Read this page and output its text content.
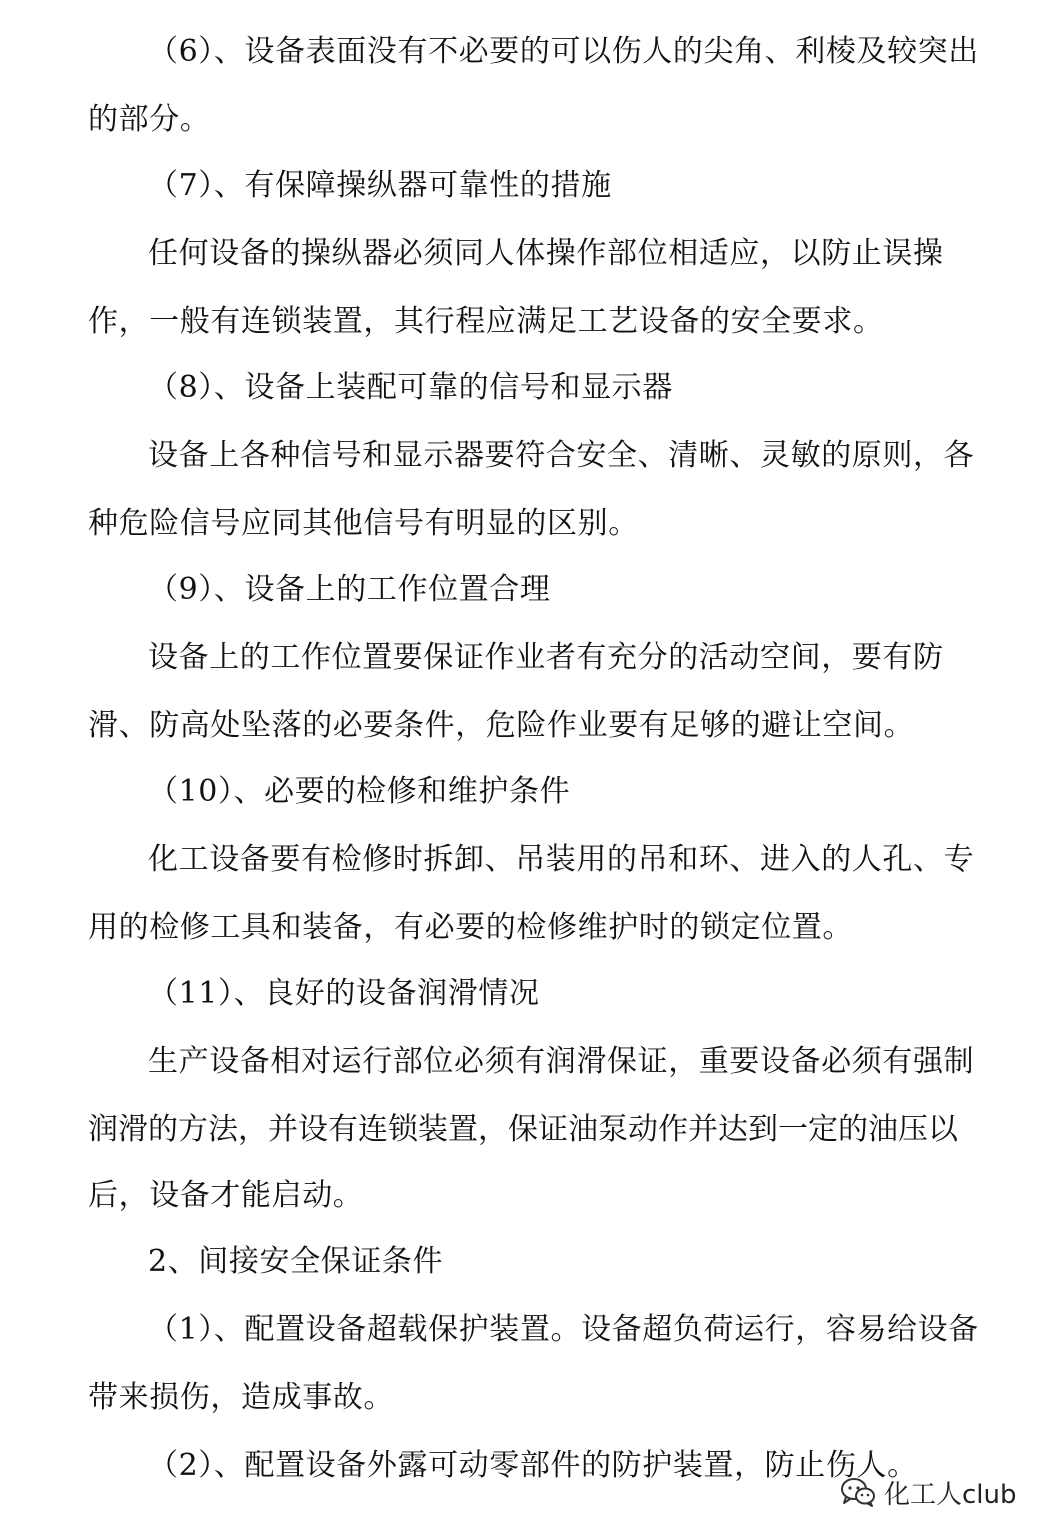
（6）、设备表面没有不必要的可以伤人的尖角、利棱及较突出
的部分。
（7）、有保障操纵器可靠性的措施
任何设备的操纵器必须同人体操作部位相适应，以防止误操
作，一般有连锁装置，其行程应满足工艺设备的安全要求。
（8）、设备上装配可靠的信号和显示器
设备上各种信号和显示器要符合安全、清晰、灵敏的原则，各
种危险信号应同其他信号有明显的区别。
（9）、设备上的工作位置合理
设备上的工作位置要保证作业者有充分的活动空间，要有防
滑、防高处坠落的必要条件，危险作业要有足够的避让空间。
（10）、必要的检修和维护条件
化工设备要有检修时拆卸、吊装用的吊和环、进入的人孔、专
用的检修工具和装备，有必要的检修维护时的锁定位置。
（11）、良好的设备润滑情况
生产设备相对运行部位必须有润滑保证，重要设备必须有强制
润滑的方法，并设有连锁装置，保证油泵动作并达到一定的油压以
后，设备才能启动。
2、间接安全保证条件
（1）、配置设备超载保护装置。设备超负荷运行，容易给设备
带来损伤，造成事故。
（2）、配置设备外露可动零部件的防护装置，防止伤人。
化工人club
